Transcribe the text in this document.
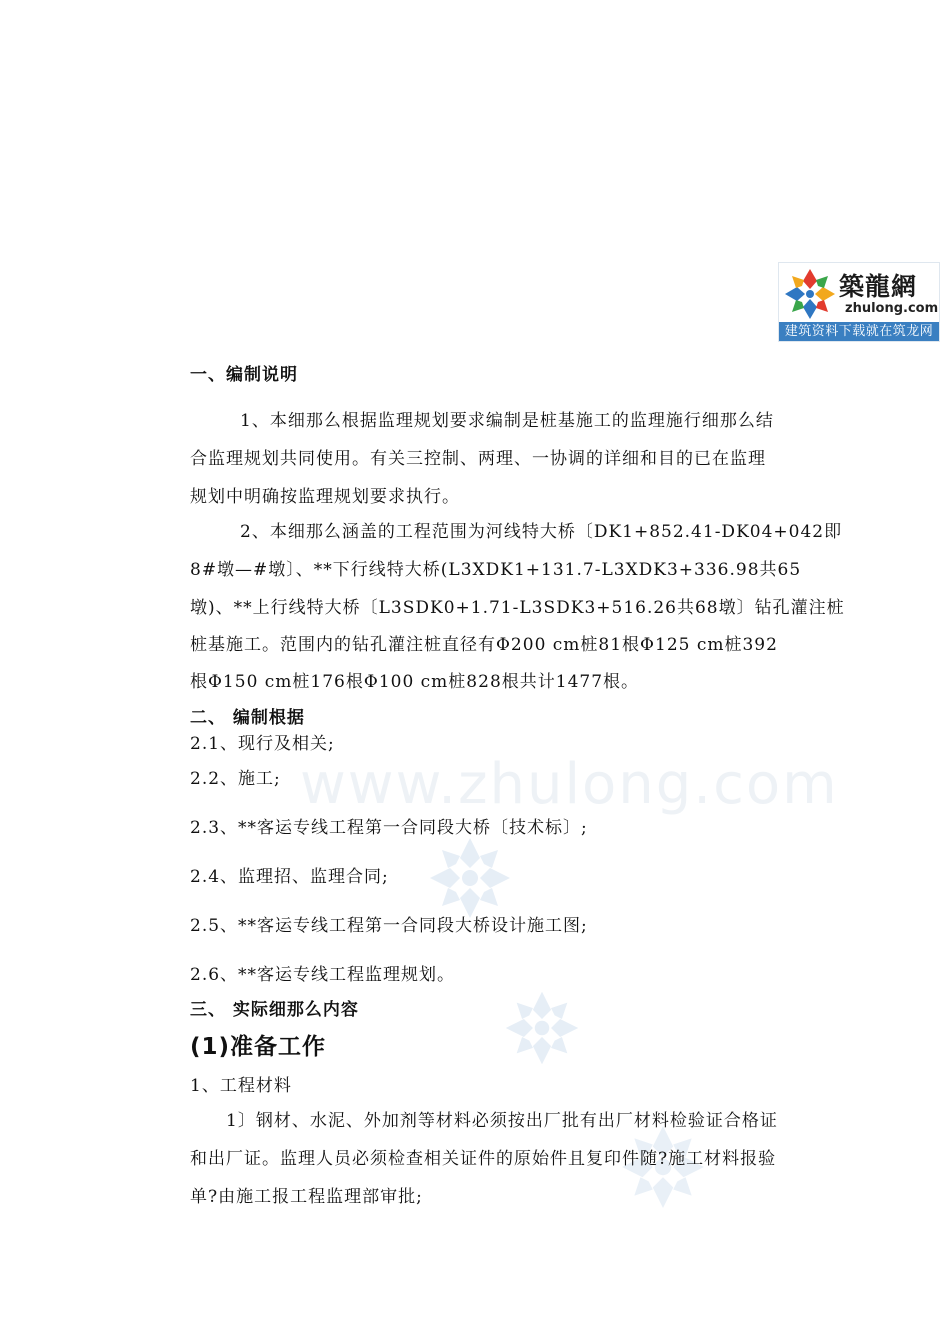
www.zhulong.com
築龍網
zhulong.com
建筑资料下载就在筑龙网
一、编制说明
1、本细那么根据监理规划要求编制是桩基施工的监理施行细那么结
合监理规划共同使用。有关三控制、两理、一协调的详细和目的已在监理
规划中明确按监理规划要求执行。
2、本细那么涵盖的工程范围为河线特大桥〔DK1+852.41-DK04+042即
8#墩—#墩〕、**下行线特大桥(L3XDK1+131.7-L3XDK3+336.98共65
墩)、**上行线特大桥〔L3SDK0+1.71-L3SDK3+516.26共68墩〕钻孔灌注桩
桩基施工。范围内的钻孔灌注桩直径有Φ200 cm桩81根Φ125 cm桩392
根Φ150 cm桩176根Φ100 cm桩828根共计1477根。
二、 编制根据
2.1、现行及相关;
2.2、施工;
2.3、**客运专线工程第一合同段大桥〔技术标〕;
2.4、监理招、监理合同;
2.5、**客运专线工程第一合同段大桥设计施工图;
2.6、**客运专线工程监理规划。
三、 实际细那么内容
(1)准备工作
1、工程材料
1〕钢材、水泥、外加剂等材料必须按出厂批有出厂材料检验证合格证
和出厂证。监理人员必须检查相关证件的原始件且复印件随?施工材料报验
单?由施工报工程监理部审批;
